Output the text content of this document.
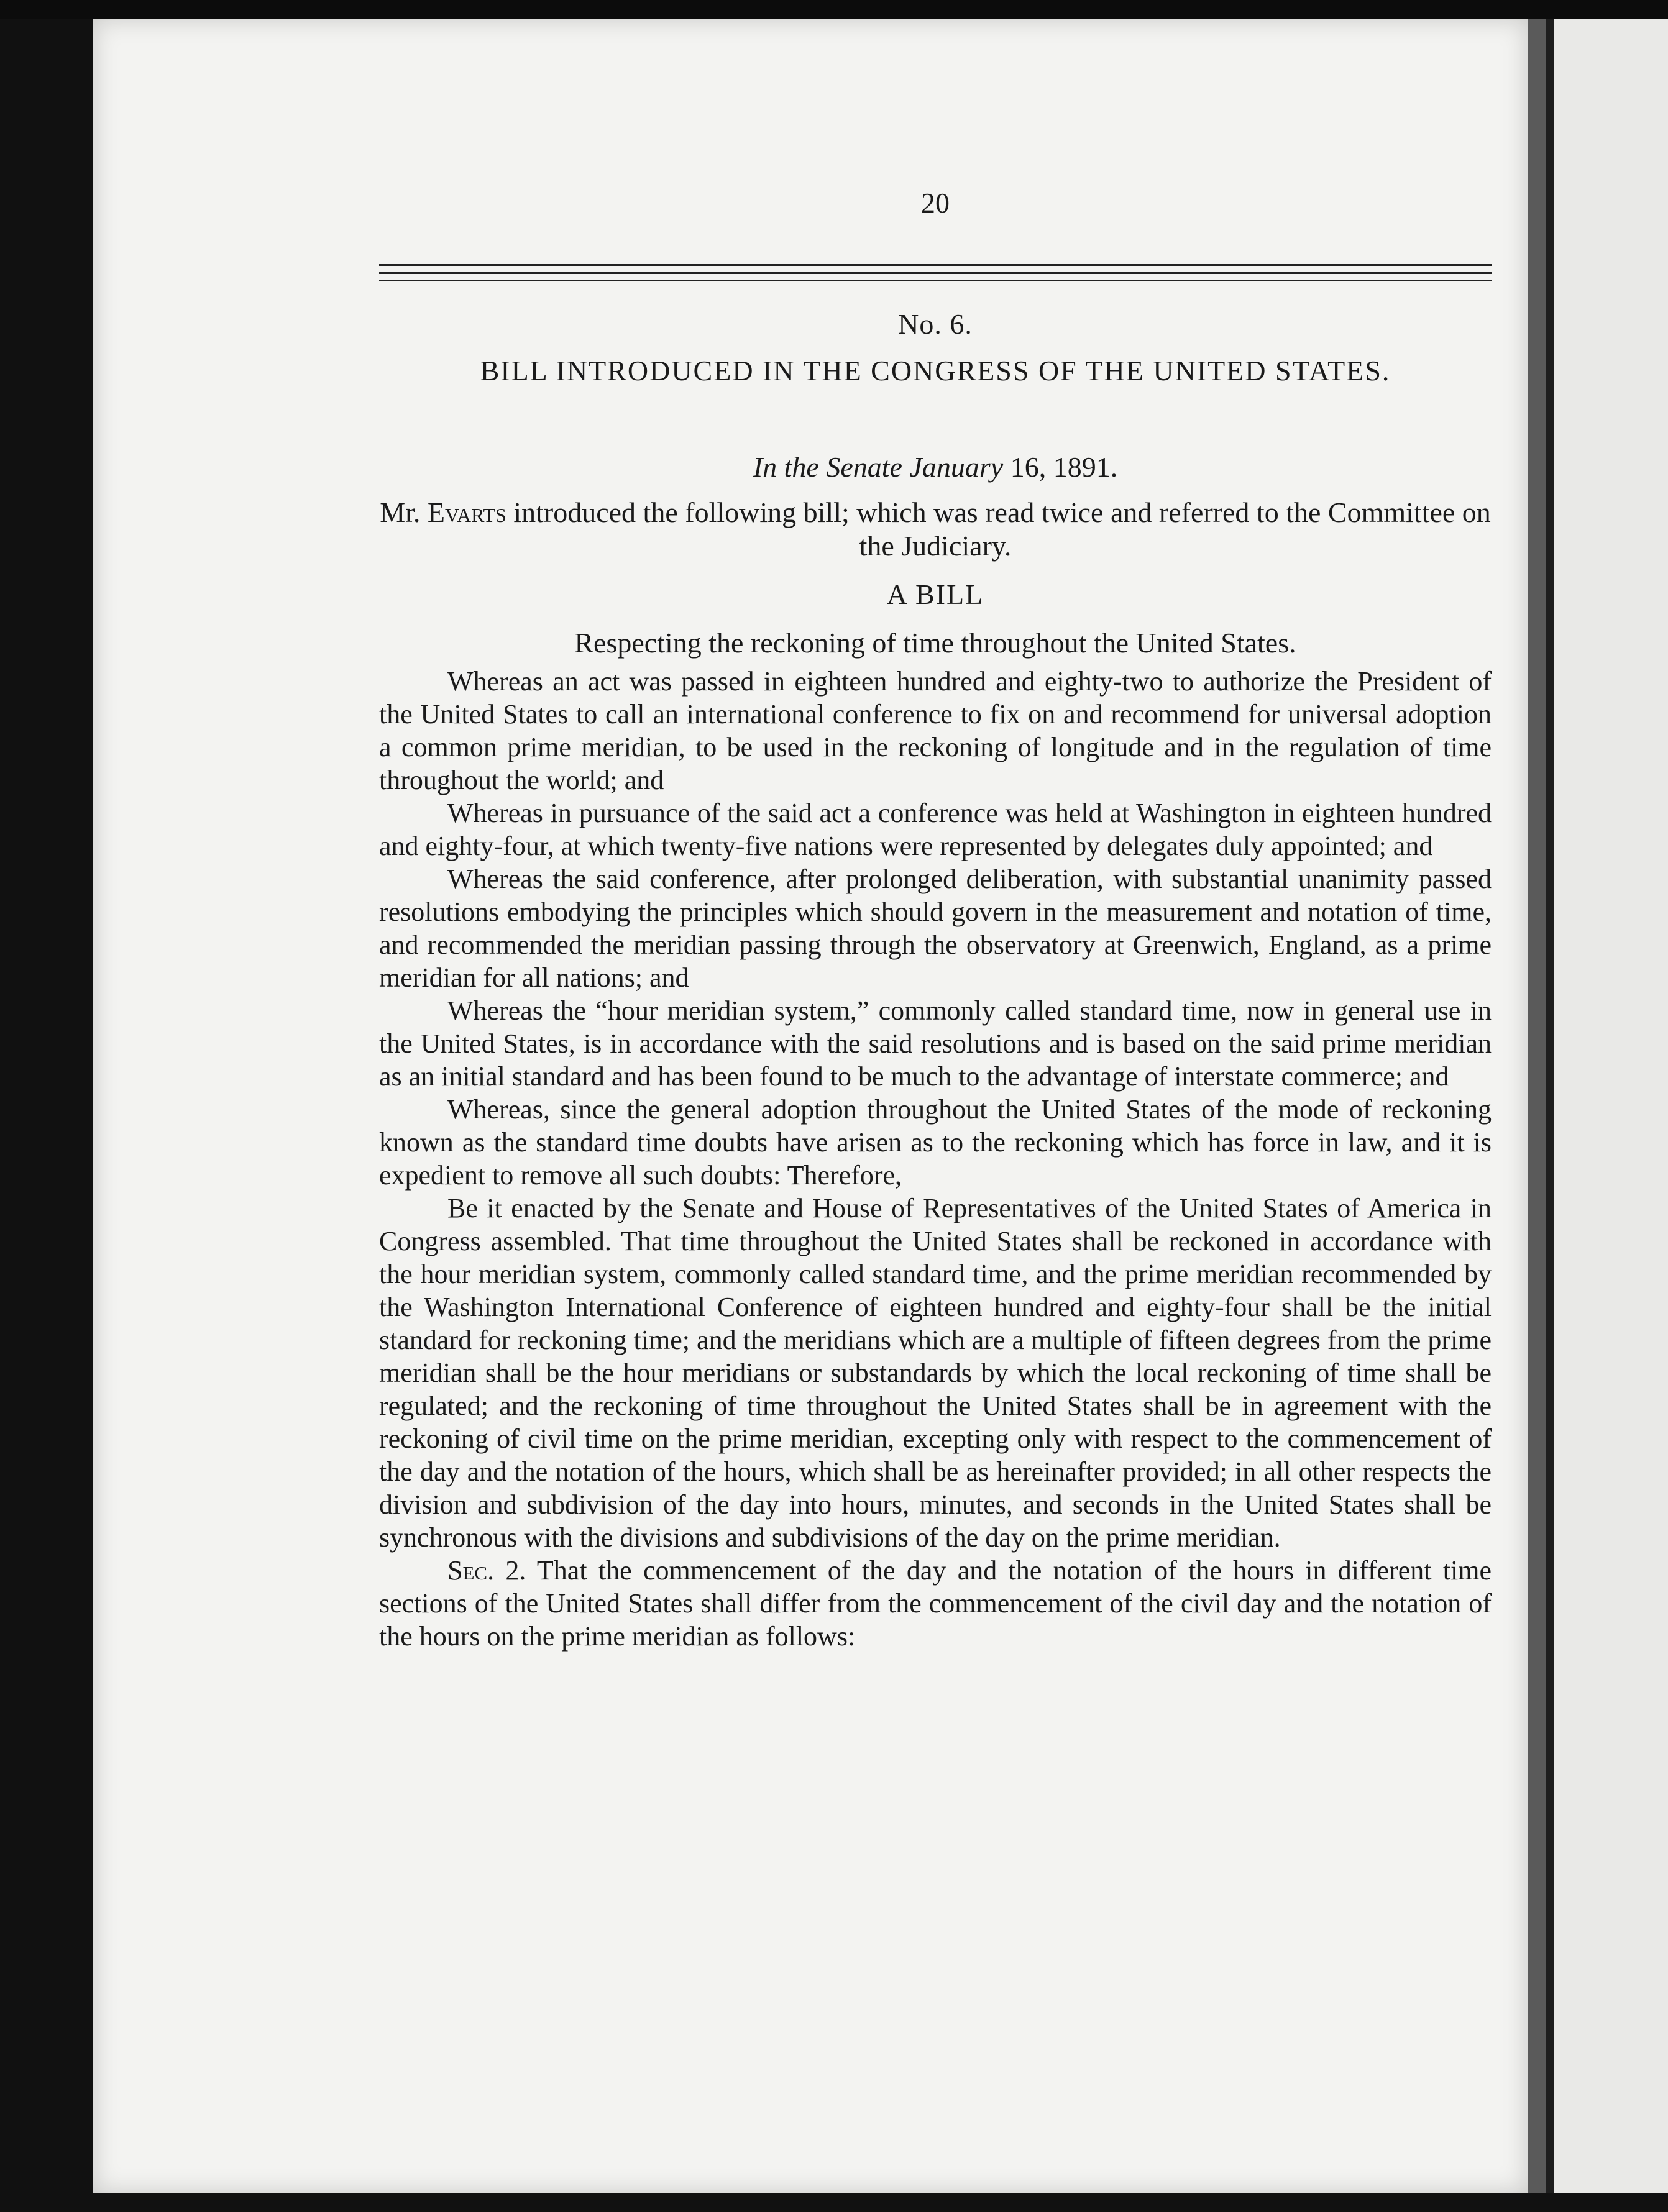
20
No. 6.
BILL INTRODUCED IN THE CONGRESS OF THE UNITED STATES.
In the Senate January 16, 1891.
Mr. Evarts introduced the following bill; which was read twice and referred to the Committee on the Judiciary.
A BILL
Respecting the reckoning of time throughout the United States.

Whereas an act was passed in eighteen hundred and eighty-two to authorize the President of the United States to call an international conference to fix on and recommend for universal adoption a common prime meridian, to be used in the reckoning of longitude and in the regulation of time throughout the world; and

Whereas in pursuance of the said act a conference was held at Washington in eighteen hundred and eighty-four, at which twenty-five nations were represented by delegates duly appointed; and

Whereas the said conference, after prolonged deliberation, with substantial unanimity passed resolutions embodying the principles which should govern in the measurement and notation of time, and recommended the meridian passing through the observatory at Greenwich, England, as a prime meridian for all nations; and

Whereas the “hour meridian system,” commonly called standard time, now in general use in the United States, is in accordance with the said resolutions and is based on the said prime meridian as an initial standard and has been found to be much to the advantage of interstate commerce; and

Whereas, since the general adoption throughout the United States of the mode of reckoning known as the standard time doubts have arisen as to the reckoning which has force in law, and it is expedient to remove all such doubts: Therefore,

Be it enacted by the Senate and House of Representatives of the United States of America in Congress assembled. That time throughout the United States shall be reckoned in accordance with the hour meridian system, commonly called standard time, and the prime meridian recommended by the Washington International Conference of eighteen hundred and eighty-four shall be the initial standard for reckoning time; and the meridians which are a multiple of fifteen degrees from the prime meridian shall be the hour meridians or substandards by which the local reckoning of time shall be regulated; and the reckoning of time throughout the United States shall be in agreement with the reckoning of civil time on the prime meridian, excepting only with respect to the commencement of the day and the notation of the hours, which shall be as hereinafter provided; in all other respects the division and subdivision of the day into hours, minutes, and seconds in the United States shall be synchronous with the divisions and subdivisions of the day on the prime meridian.

Sec. 2. That the commencement of the day and the notation of the hours in different time sections of the United States shall differ from the commencement of the civil day and the notation of the hours on the prime meridian as follows:
